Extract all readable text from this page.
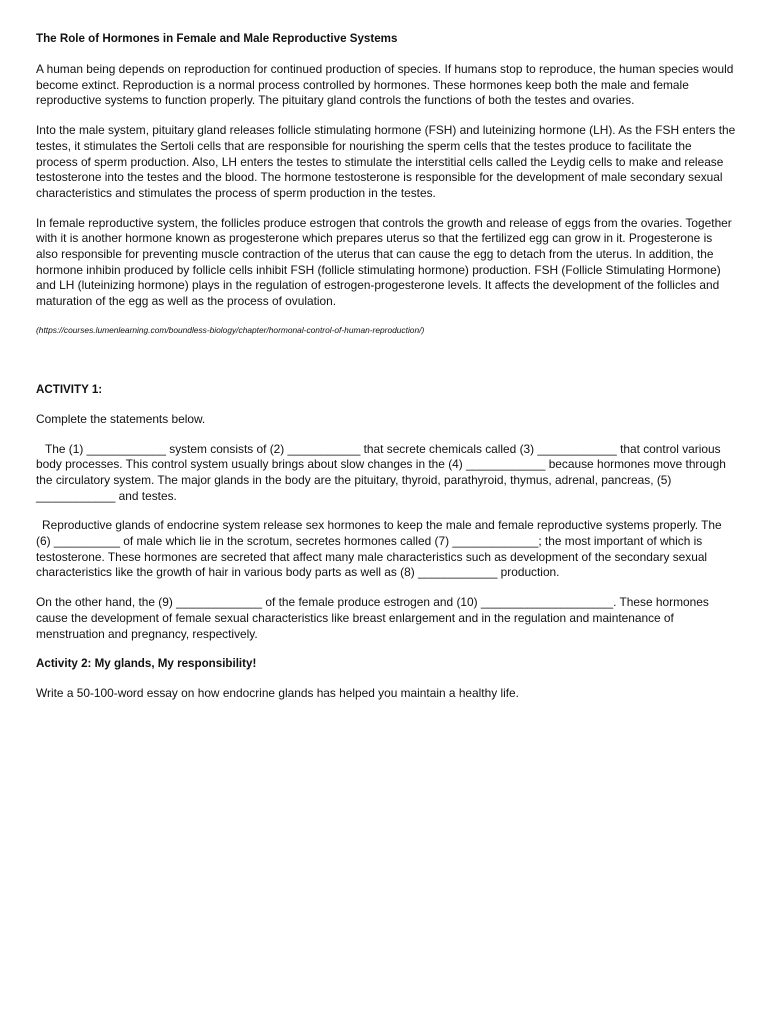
The Role of Hormones in Female and Male Reproductive Systems

A human being depends on reproduction for continued production of species. If humans stop to reproduce, the human species would become extinct. Reproduction is a normal process controlled by hormones. These hormones keep both the male and female reproductive systems to function properly. The pituitary gland controls the functions of both the testes and ovaries.

Into the male system, pituitary gland releases follicle stimulating hormone (FSH) and luteinizing hormone (LH). As the FSH enters the testes, it stimulates the Sertoli cells that are responsible for nourishing the sperm cells that the testes produce to facilitate the process of sperm production. Also, LH enters the testes to stimulate the interstitial cells called the Leydig cells to make and release testosterone into the testes and the blood. The hormone testosterone is responsible for the development of male secondary sexual characteristics and stimulates the process of sperm production in the testes.

In female reproductive system, the follicles produce estrogen that controls the growth and release of eggs from the ovaries. Together with it is another hormone known as progesterone which prepares uterus so that the fertilized egg can grow in it. Progesterone is also responsible for preventing muscle contraction of the uterus that can cause the egg to detach from the uterus. In addition, the hormone inhibin produced by follicle cells inhibit FSH (follicle stimulating hormone) production. FSH (Follicle Stimulating Hormone) and LH (luteinizing hormone) plays in the regulation of estrogen-progesterone levels. It affects the development of the follicles and maturation of the egg as well as the process of ovulation.

(https://courses.lumenlearning.com/boundless-biology/chapter/hormonal-control-of-human-reproduction/)
ACTIVITY 1:

Complete the statements below.

The (1) ____________ system consists of (2) ___________ that secrete chemicals called (3) ____________ that control various body processes. This control system usually brings about slow changes in the (4) ____________ because hormones move through the circulatory system. The major glands in the body are the pituitary, thyroid, parathyroid, thymus, adrenal, pancreas, (5) ____________ and testes.

Reproductive glands of endocrine system release sex hormones to keep the male and female reproductive systems properly. The (6) __________ of male which lie in the scrotum, secretes hormones called (7) _____________; the most important of which is testosterone. These hormones are secreted that affect many male characteristics such as development of the secondary sexual characteristics like the growth of hair in various body parts as well as (8) ____________ production.

On the other hand, the (9) _____________ of the female produce estrogen and (10) ____________________. These hormones cause the development of female sexual characteristics like breast enlargement and in the regulation and maintenance of menstruation and pregnancy, respectively.

Activity 2: My glands, My responsibility!

Write a 50-100-word essay on how endocrine glands has helped you maintain a healthy life.
